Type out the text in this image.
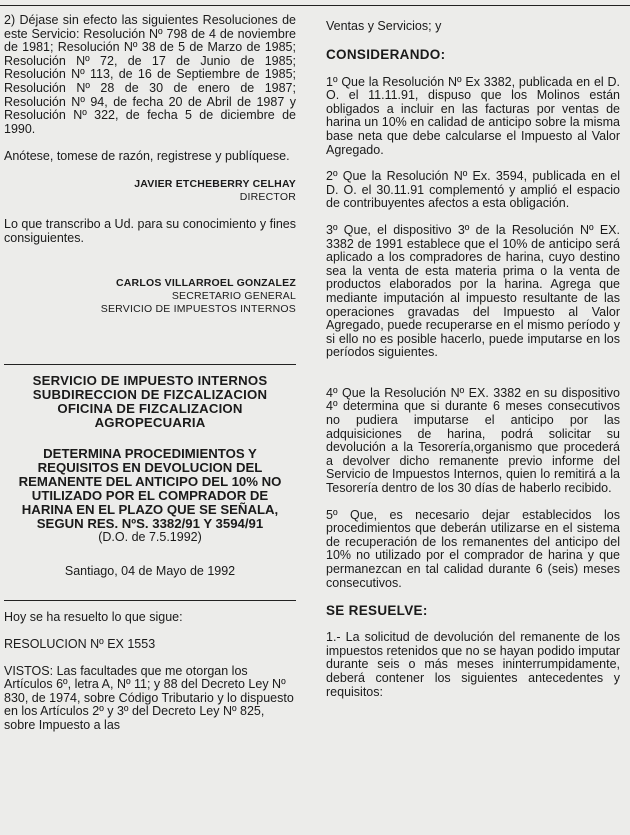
2) Déjase sin efecto las siguientes Resoluciones de este Servicio: Resolución Nº 798 de 4 de noviembre de 1981; Resolución Nº 38 de 5 de Marzo de 1985; Resolución Nº 72, de 17 de Junio de 1985; Resolución Nº 113, de 16 de Septiembre de 1985; Resolución Nº 28 de 30 de enero de 1987; Resolución Nº 94, de fecha 20 de Abril de 1987 y Resolución Nº 322, de fecha 5 de diciembre de 1990.

Anótese, tomese de razón, registrese y publíquese.

JAVIER ETCHEBERRY CELHAY

DIRECTOR

Lo que transcribo a Ud. para su conocimiento y fines consiguientes.

CARLOS VILLARROEL GONZALEZ

SECRETARIO GENERAL

SERVICIO DE IMPUESTOS INTERNOS

SERVICIO DE IMPUESTO INTERNOS

SUBDIRECCION DE FIZCALIZACION

OFICINA DE FIZCALIZACION

AGROPECUARIA

DETERMINA PROCEDIMIENTOS Y

REQUISITOS EN DEVOLUCION DEL

REMANENTE DEL ANTICIPO DEL 10% NO

UTILIZADO POR EL COMPRADOR DE

HARINA EN EL PLAZO QUE SE SEÑALA,

SEGUN RES. NºS. 3382/91 Y 3594/91

(D.O. de 7.5.1992)

Santiago, 04 de Mayo de 1992

Hoy se ha resuelto lo que sigue:

RESOLUCION Nº EX 1553

VISTOS: Las facultades que me otorgan los Artículos 6º, letra A, Nº 11; y 88 del Decreto Ley Nº 830, de 1974, sobre Código Tributario y lo dispuesto en los Artículos 2º y 3º del Decreto Ley Nº 825, sobre Impuesto a las

Ventas y Servicios; y

CONSIDERANDO:

1º Que la Resolución Nº Ex 3382, publicada en el D. O. el 11.11.91, dispuso que los Molinos están obligados a incluir en las facturas por ventas de harina un 10% en calidad de anticipo sobre la misma base neta que debe calcularse el Impuesto al Valor Agregado.

2º Que la Resolución Nº Ex. 3594, publicada en el D. O. el 30.11.91 complementó y amplió el espacio de contribuyentes afectos a esta obligación.

3º Que, el dispositivo 3º de la Resolución Nº EX. 3382 de 1991 establece que el 10% de anticipo será aplicado a los compradores de harina, cuyo destino sea la venta de esta materia prima o la venta de productos elaborados por la harina. Agrega que mediante imputación al impuesto resultante de las operaciones gravadas del Impuesto al Valor Agregado, puede recuperarse en el mismo período y si ello no es posible hacerlo, puede imputarse en los períodos siguientes.

4º Que la Resolución Nº EX. 3382 en su dispositivo 4º determina que si durante 6 meses consecutivos no pudiera imputarse el anticipo por las adquisiciones de harina, podrá solicitar su devolución a la Tesorería,organismo que procederá a devolver dicho remanente previo informe del Servicio de Impuestos Internos, quien lo remitirá a la Tesorería dentro de los 30 días de haberlo recibido.

5º Que, es necesario dejar establecidos los procedimientos que deberán utilizarse en el sistema de recuperación de los remanentes del anticipo del 10% no utilizado por el comprador de harina y que permanezcan en tal calidad durante 6 (seis) meses consecutivos.

SE RESUELVE:

1.- La solicitud de devolución del remanente de los impuestos retenidos que no se hayan podido imputar durante seis o más meses ininterrumpidamente, deberá contener los siguientes antecedentes y requisitos:
